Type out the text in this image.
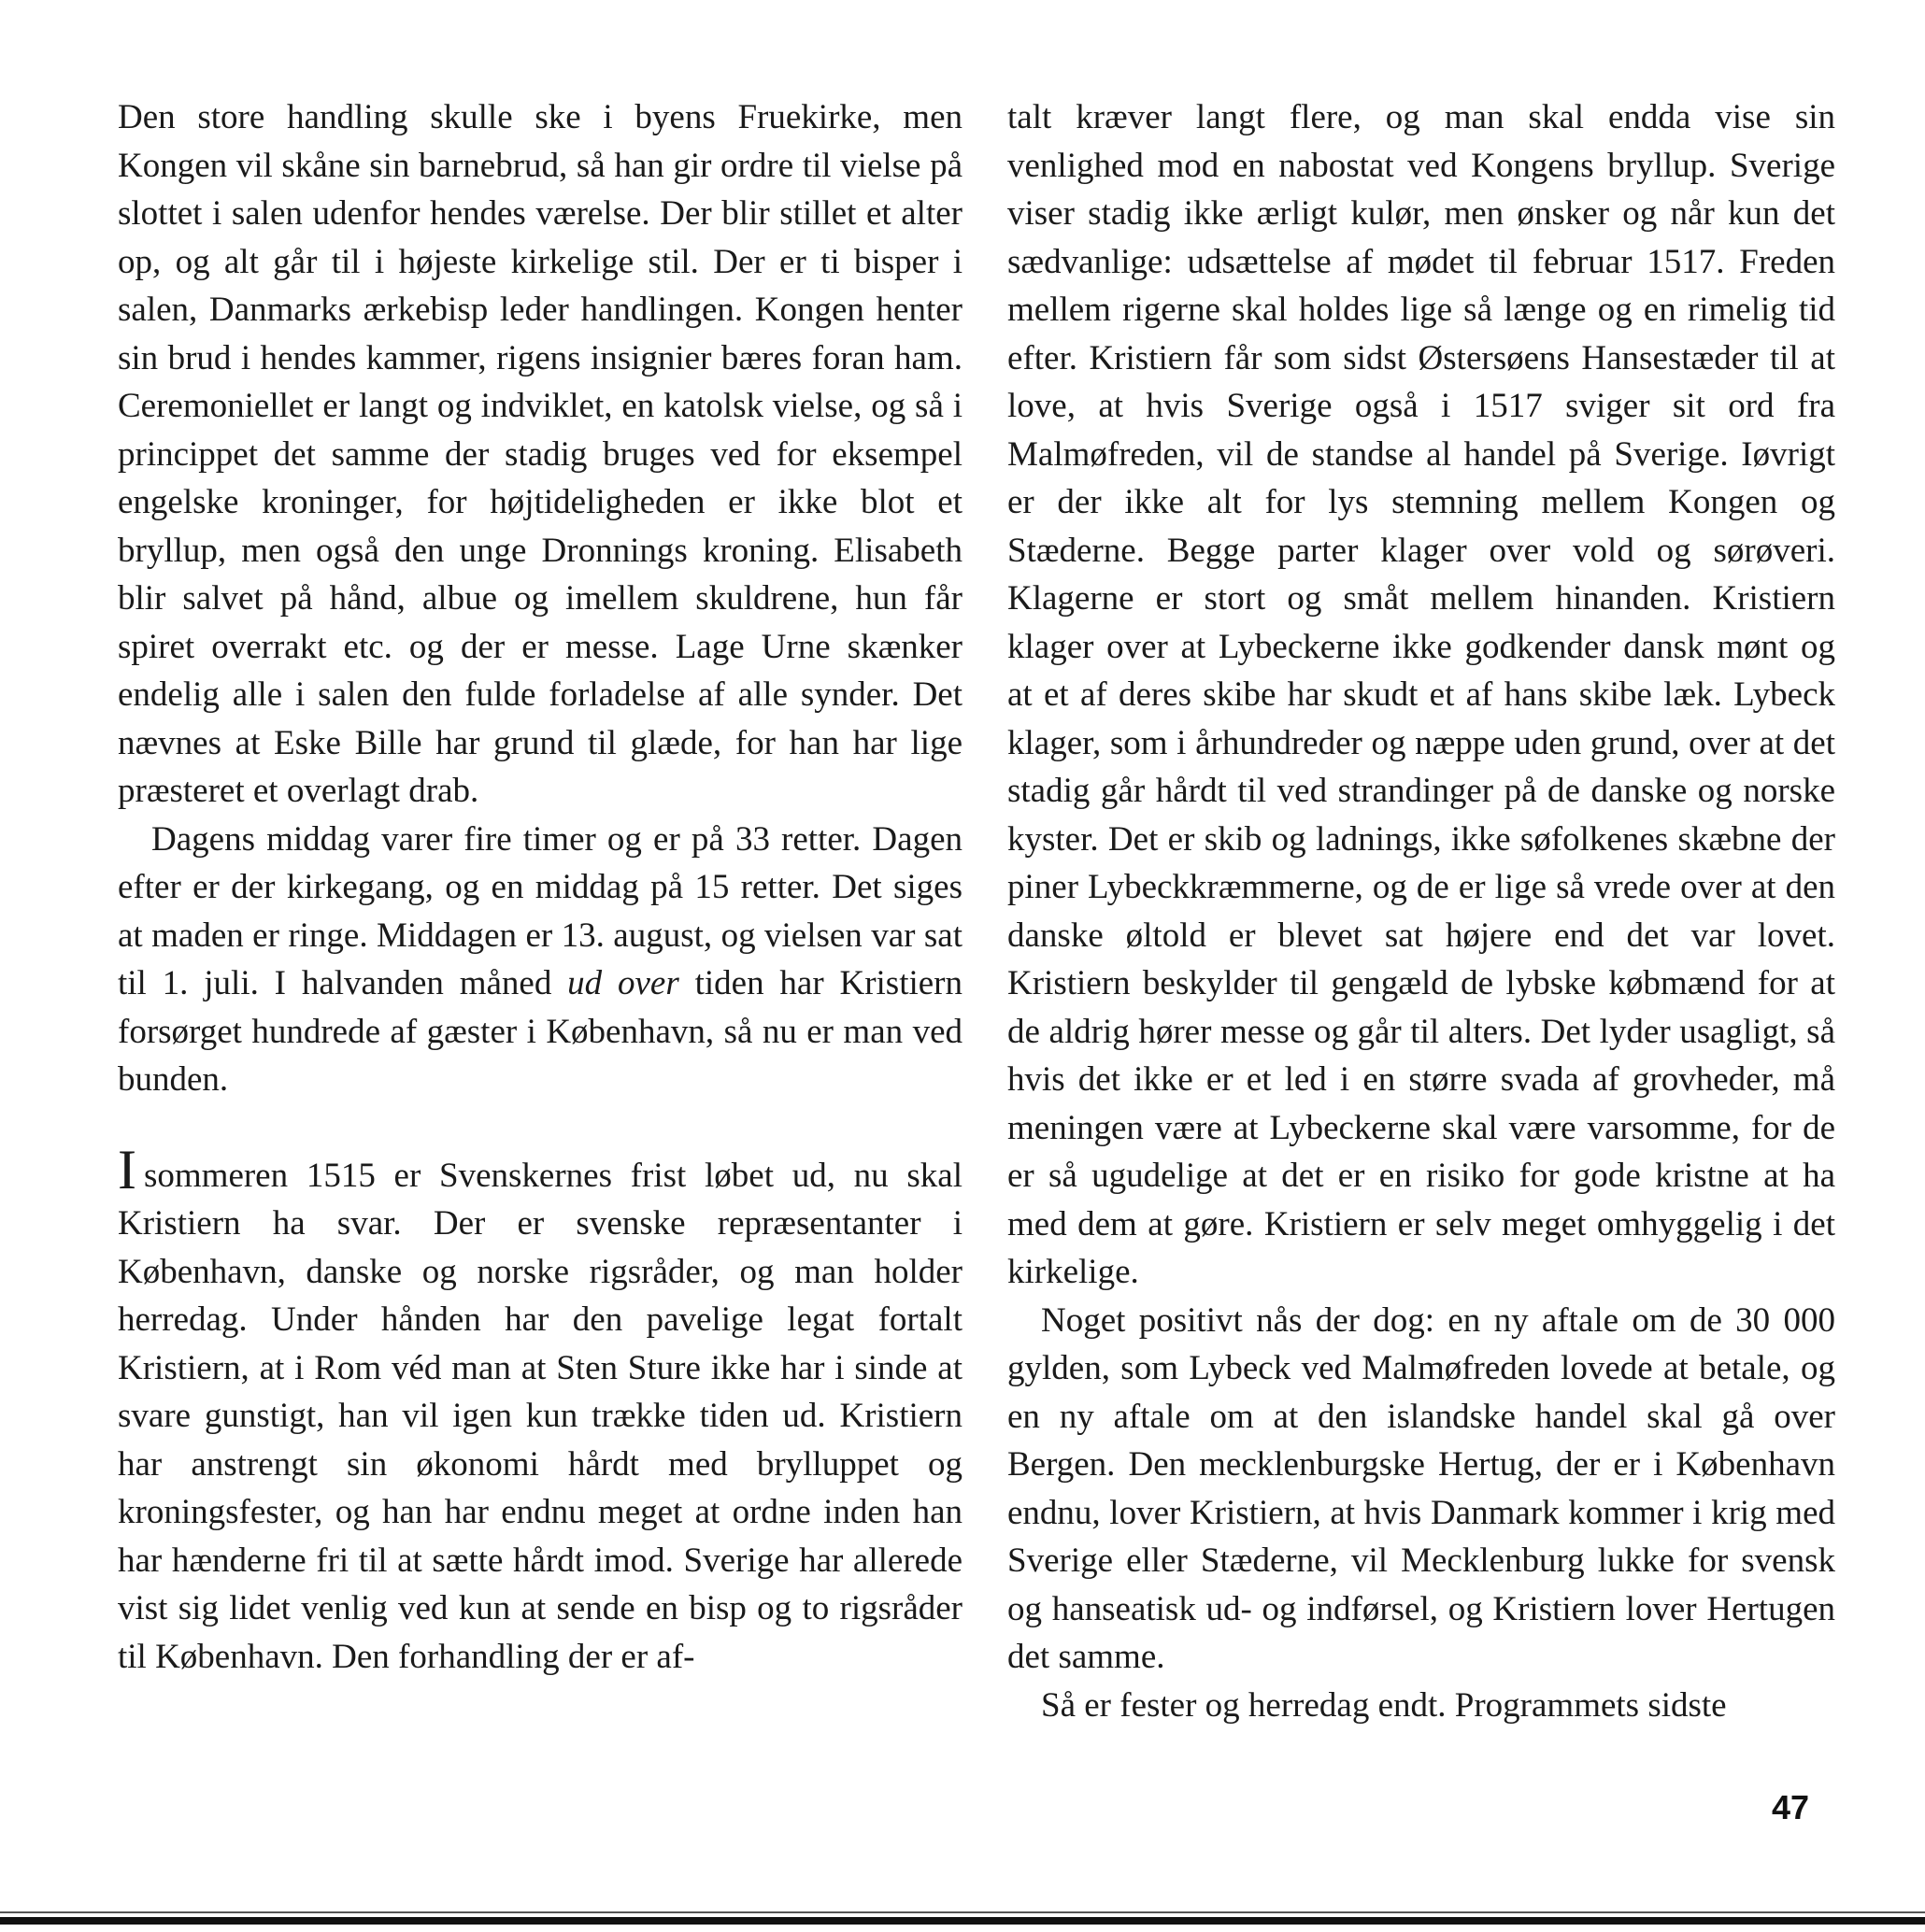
Den store handling skulle ske i byens Fruekirke, men Kongen vil skåne sin barnebrud, så han gir ordre til vielse på slottet i salen udenfor hendes værelse. Der blir stillet et alter op, og alt går til i højeste kirkelige stil. Der er ti bisper i salen, Danmarks ærkebisp leder handlingen. Kongen henter sin brud i hendes kammer, rigens insignier bæres foran ham. Ceremoniellet er langt og indviklet, en katolsk vielse, og så i princippet det samme der stadig bruges ved for eksempel engelske kroninger, for højtideligheden er ikke blot et bryllup, men også den unge Dronnings kroning. Elisabeth blir salvet på hånd, albue og imellem skuldrene, hun får spiret overrakt etc. og der er messe. Lage Urne skænker endelig alle i salen den fulde forladelse af alle synder. Det nævnes at Eske Bille har grund til glæde, for han har lige præsteret et overlagt drab.

Dagens middag varer fire timer og er på 33 retter. Dagen efter er der kirkegang, og en middag på 15 retter. Det siges at maden er ringe. Middagen er 13. august, og vielsen var sat til 1. juli. I halvanden måned ud over tiden har Kristiern forsørget hundrede af gæster i København, så nu er man ved bunden.

Isommeren 1515 er Svenskernes frist løbet ud, nu skal Kristiern ha svar. Der er svenske repræsentanter i København, danske og norske rigsråder, og man holder herredag. Under hånden har den pavelige legat fortalt Kristiern, at i Rom véd man at Sten Sture ikke har i sinde at svare gunstigt, han vil igen kun trække tiden ud. Kristiern har anstrengt sin økonomi hårdt med brylluppet og kroningsfester, og han har endnu meget at ordne inden han har hænderne fri til at sætte hårdt imod. Sverige har allerede vist sig lidet venlig ved kun at sende en bisp og to rigsråder til København. Den forhandling der er af-

talt kræver langt flere, og man skal endda vise sin venlighed mod en nabostat ved Kongens bryllup. Sverige viser stadig ikke ærligt kulør, men ønsker og når kun det sædvanlige: udsættelse af mødet til februar 1517. Freden mellem rigerne skal holdes lige så længe og en rimelig tid efter. Kristiern får som sidst Østersøens Hansestæder til at love, at hvis Sverige også i 1517 sviger sit ord fra Malmøfreden, vil de standse al handel på Sverige. Iøvrigt er der ikke alt for lys stemning mellem Kongen og Stæderne. Begge parter klager over vold og sørøveri. Klagerne er stort og småt mellem hinanden. Kristiern klager over at Lybeckerne ikke godkender dansk mønt og at et af deres skibe har skudt et af hans skibe læk. Lybeck klager, som i århundreder og næppe uden grund, over at det stadig går hårdt til ved strandinger på de danske og norske kyster. Det er skib og ladnings, ikke søfolkenes skæbne der piner Lybeckkræmmerne, og de er lige så vrede over at den danske øltold er blevet sat højere end det var lovet. Kristiern beskylder til gengæld de lybske købmænd for at de aldrig hører messe og går til alters. Det lyder usagligt, så hvis det ikke er et led i en større svada af grovheder, må meningen være at Lybeckerne skal være varsomme, for de er så ugudelige at det er en risiko for gode kristne at ha med dem at gøre. Kristiern er selv meget omhyggelig i det kirkelige.

Noget positivt nås der dog: en ny aftale om de 30 000 gylden, som Lybeck ved Malmøfreden lovede at betale, og en ny aftale om at den islandske handel skal gå over Bergen. Den mecklenburgske Hertug, der er i København endnu, lover Kristiern, at hvis Danmark kommer i krig med Sverige eller Stæderne, vil Mecklenburg lukke for svensk og hanseatisk ud- og indførsel, og Kristiern lover Hertugen det samme.

Så er fester og herredag endt. Programmets sidste

47
